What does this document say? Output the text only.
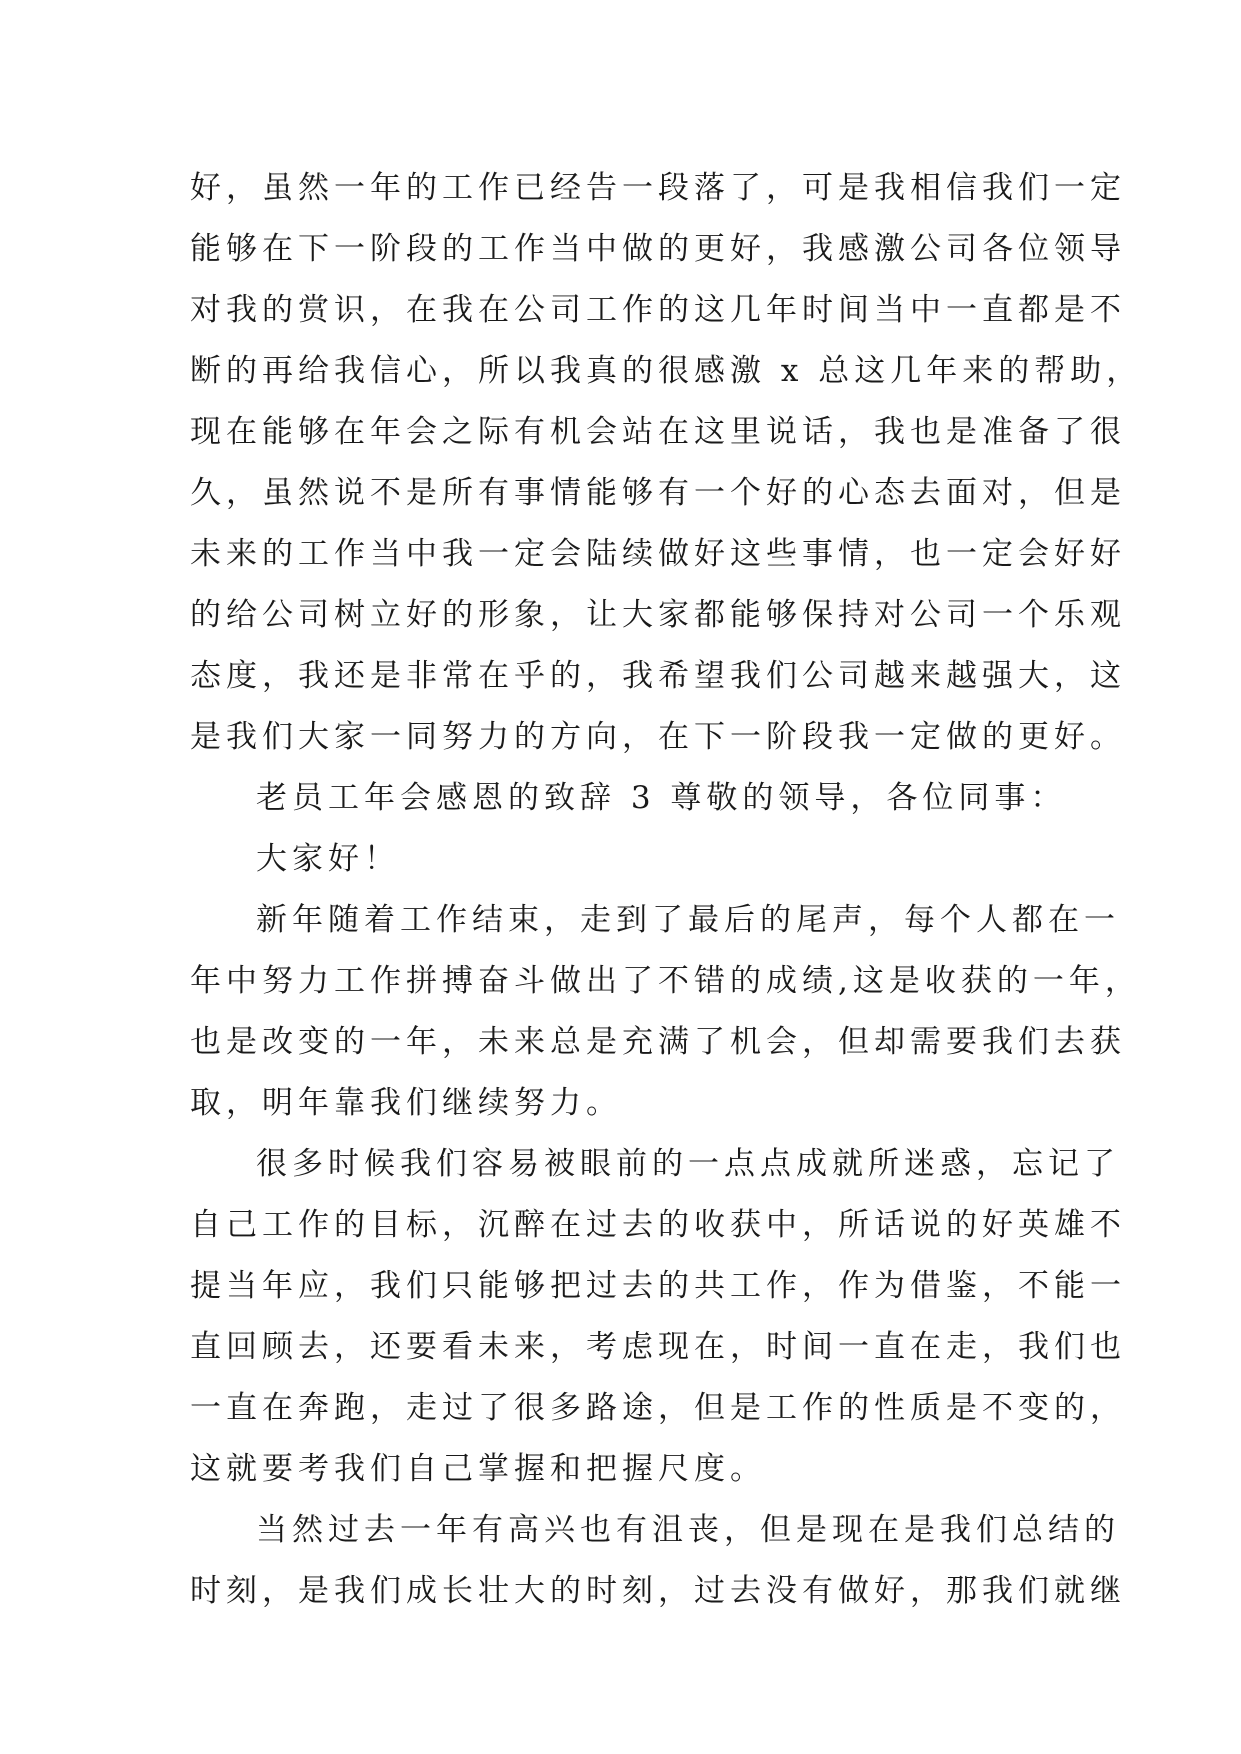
好，虽然一年的工作已经告一段落了，可是我相信我们一定
能够在下一阶段的工作当中做的更好，我感激公司各位领导
对我的赏识，在我在公司工作的这几年时间当中一直都是不
断的再给我信心，所以我真的很感激 x 总这几年来的帮助，
现在能够在年会之际有机会站在这里说话，我也是准备了很
久，虽然说不是所有事情能够有一个好的心态去面对，但是
未来的工作当中我一定会陆续做好这些事情，也一定会好好
的给公司树立好的形象，让大家都能够保持对公司一个乐观
态度，我还是非常在乎的，我希望我们公司越来越强大，这
是我们大家一同努力的方向，在下一阶段我一定做的更好。
老员工年会感恩的致辞 3 尊敬的领导，各位同事：
大家好！
新年随着工作结束，走到了最后的尾声，每个人都在一
年中努力工作拼搏奋斗做出了不错的成绩,这是收获的一年，
也是改变的一年，未来总是充满了机会，但却需要我们去获
取，明年靠我们继续努力。
很多时候我们容易被眼前的一点点成就所迷惑，忘记了
自己工作的目标，沉醉在过去的收获中，所话说的好英雄不
提当年应，我们只能够把过去的共工作，作为借鉴，不能一
直回顾去，还要看未来，考虑现在，时间一直在走，我们也
一直在奔跑，走过了很多路途，但是工作的性质是不变的，
这就要考我们自己掌握和把握尺度。
当然过去一年有高兴也有沮丧，但是现在是我们总结的
时刻，是我们成长壮大的时刻，过去没有做好，那我们就继
